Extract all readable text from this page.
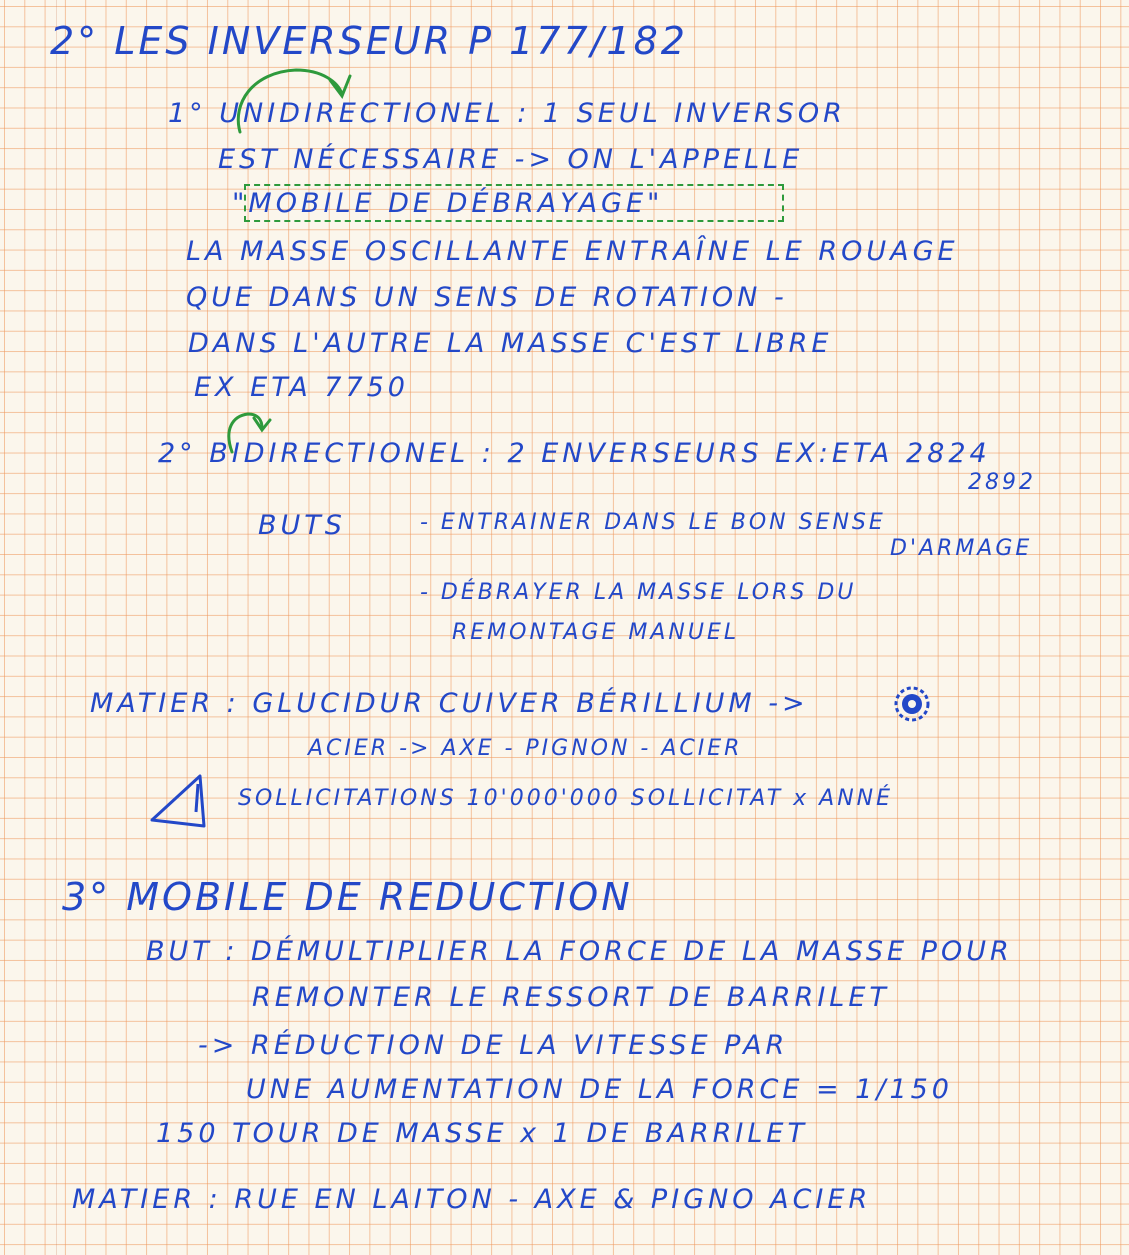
2° LES INVERSEUR P 177/182
1° UNIDIRECTIONEL : 1 SEUL INVERSOR
EST NÉCESSAIRE -> ON L'APPELLE
"MOBILE DE DÉBRAYAGE"
LA MASSE OSCILLANTE ENTRAÎNE LE ROUAGE
QUE DANS UN SENS DE ROTATION -
DANS L'AUTRE LA MASSE C'EST LIBRE
EX ETA 7750
2° BIDIRECTIONEL : 2 ENVERSEURS EX:ETA 2824
2892
BUTS	- ENTRAINER DANS LE BON SENSE
D'ARMAGE
- DÉBRAYER LA MASSE LORS DU
REMONTAGE MANUEL
MATIER : GLUCIDUR CUIVER BÉRILLIUM ->
ACIER -> AXE - PIGNON - ACIER
SOLLICITATIONS 10'000'000 SOLLICITAT x ANNÉ
3° MOBILE DE REDUCTION
BUT : DÉMULTIPLIER LA FORCE DE LA MASSE POUR
REMONTER LE RESSORT DE BARRILET
-> RÉDUCTION DE LA VITESSE PAR
UNE AUMENTATION DE LA FORCE = 1/150
150 TOUR DE MASSE x 1 DE BARRILET
MATIER : RUE EN LAITON - AXE & PIGNO ACIER
